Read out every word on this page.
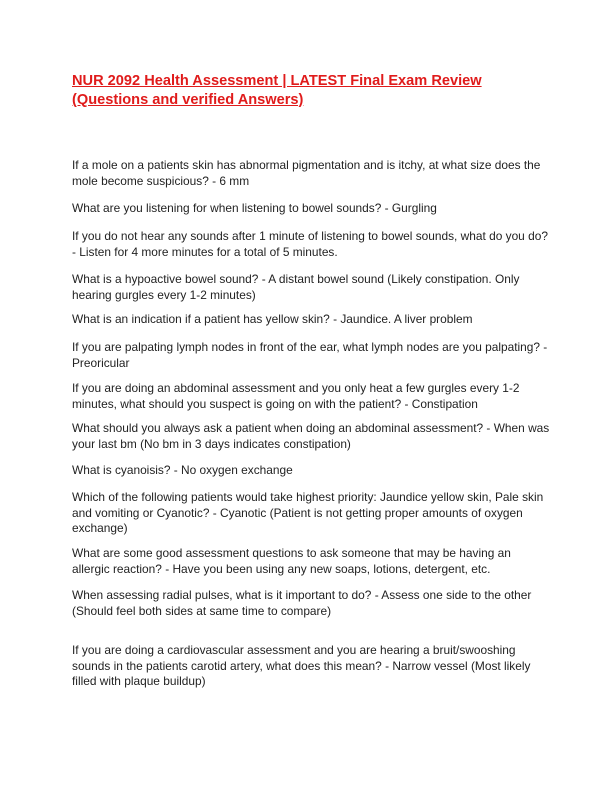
NUR 2092 Health Assessment | LATEST Final Exam Review
(Questions and verified Answers)

If a mole on a patients skin has abnormal pigmentation and is itchy, at what size does the mole become suspicious? - 6 mm

What are you listening for when listening to bowel sounds? - Gurgling

If you do not hear any sounds after 1 minute of listening to bowel sounds, what do you do? - Listen for 4 more minutes for a total of 5 minutes.

What is a hypoactive bowel sound? - A distant bowel sound (Likely constipation. Only hearing gurgles every 1-2 minutes)

What is an indication if a patient has yellow skin? - Jaundice. A liver problem

If you are palpating lymph nodes in front of the ear, what lymph nodes are you palpating? - Preoricular

If you are doing an abdominal assessment and you only heat a few gurgles every 1-2 minutes, what should you suspect is going on with the patient? - Constipation

What should you always ask a patient when doing an abdominal assessment? - When was your last bm (No bm in 3 days indicates constipation)

What is cyanoisis? - No oxygen exchange

Which of the following patients would take highest priority: Jaundice yellow skin, Pale skin and vomiting or Cyanotic? - Cyanotic (Patient is not getting proper amounts of oxygen exchange)

What are some good assessment questions to ask someone that may be having an allergic reaction? - Have you been using any new soaps, lotions, detergent, etc.

When assessing radial pulses, what is it important to do? - Assess one side to the other (Should feel both sides at same time to compare)

If you are doing a cardiovascular assessment and you are hearing a bruit/swooshing sounds in the patients carotid artery, what does this mean? - Narrow vessel (Most likely filled with plaque buildup)
